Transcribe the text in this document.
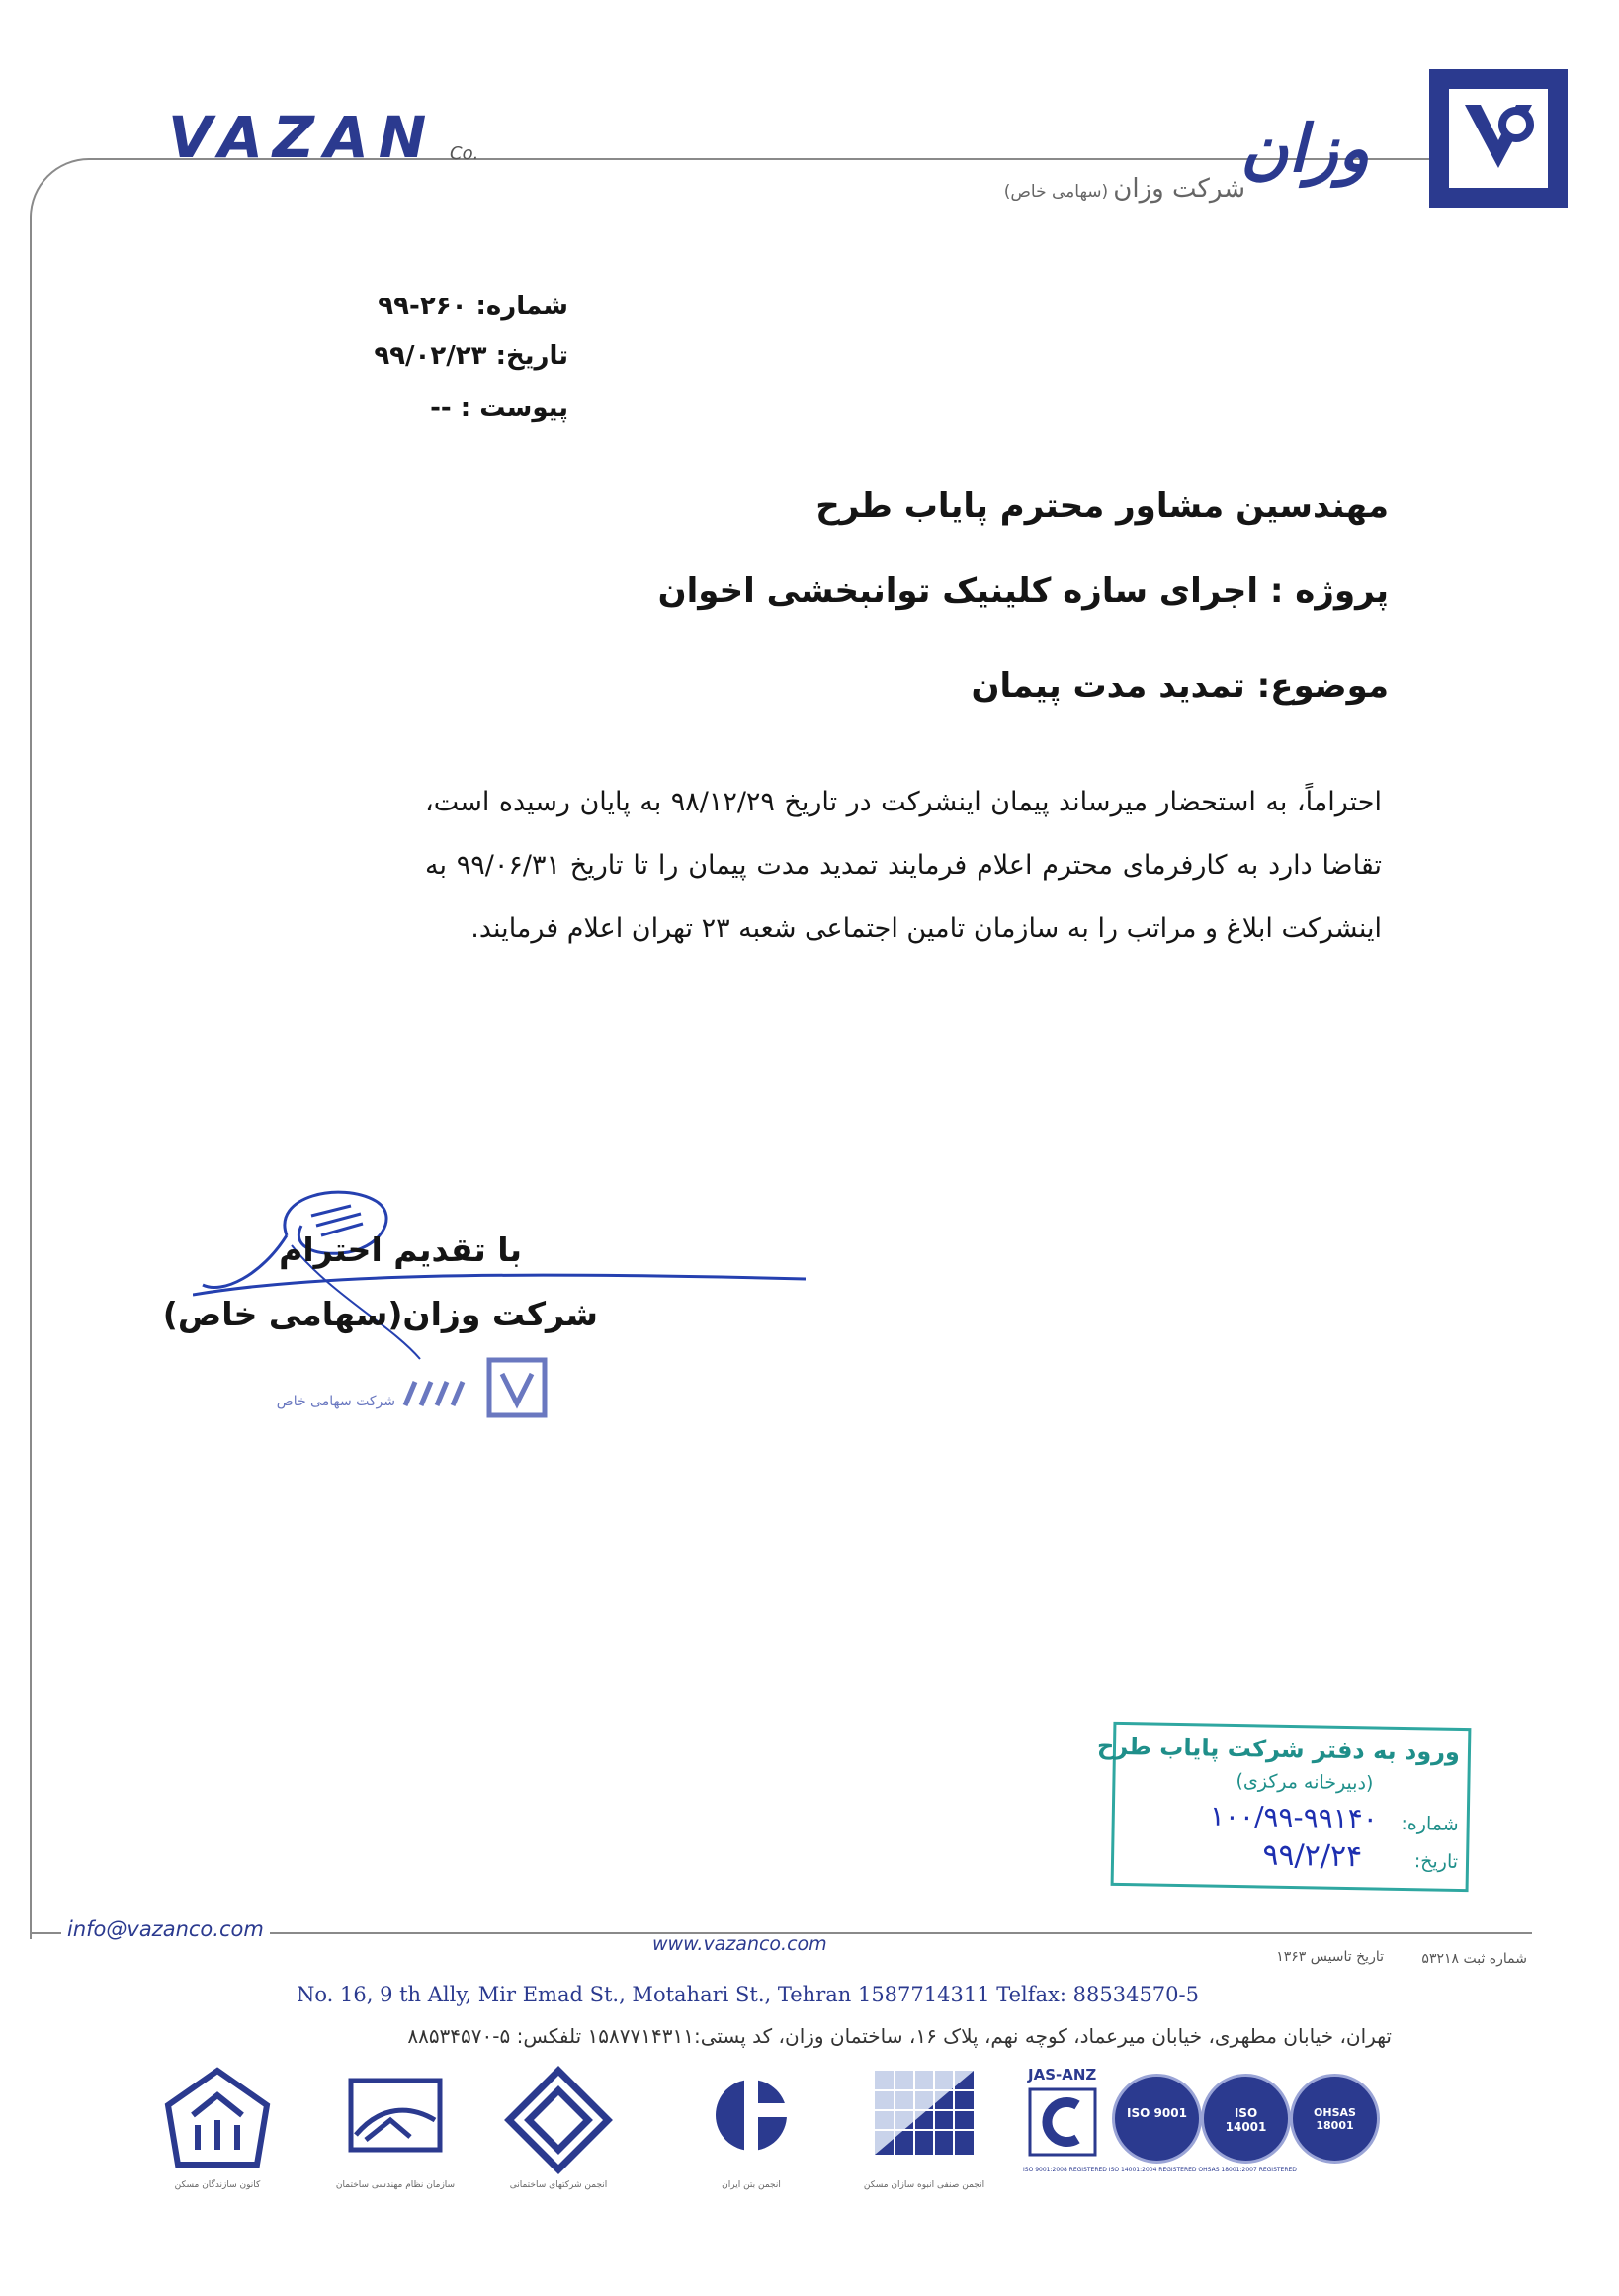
VAZAN Co.	وزان
شرکت وزان (سهامی خاص)
شماره: ۲۶۰-۹۹
تاریخ: ۹۹/۰۲/۲۳
پیوست : --
مهندسین مشاور محترم پایاب طرح
پروژه : اجرای سازه کلینیک توانبخشی اخوان
موضوع: تمدید مدت پیمان
احتراماً، به استحضار میرساند پیمان اینشرکت در تاریخ ۹۸/۱۲/۲۹ به پایان رسیده است، تقاضا دارد به کارفرمای محترم اعلام فرمایند تمدید مدت پیمان را تا تاریخ ۹۹/۰۶/۳۱ به اینشرکت ابلاغ و مراتب را به سازمان تامین اجتماعی شعبه ۲۳ تهران اعلام فرمایند.
با تقدیم احترام
شرکت وزان(سهامی خاص)
شرکت سهامی خاص
ورود به دفتر شرکت پایاب طرح
(دبیرخانه مرکزی)
شماره:
۱۰۰/۹۹-۹۹۱۴۰
تاریخ:
۹۹/۲/۲۴
info@vazanco.com
www.vazanco.com
تاریخ تاسیس ۱۳۶۳	شماره ثبت ۵۳۲۱۸
No. 16, 9 th Ally, Mir Emad St., Motahari St., Tehran 1587714311 Telfax: 88534570-5
تهران، خیابان مطهری، خیابان میرعماد، کوچه نهم، پلاک ۱۶، ساختمان وزان، کد پستی:۱۵۸۷۷۱۴۳۱۱ تلفکس: ۵-۸۸۵۳۴۵۷۰
JAS-ANZ
ISO 9001	ISO 14001
OHSAS 18001
ISO 9001:2008 REGISTERED ISO 14001:2004 REGISTERED OHSAS 18001:2007 REGISTERED
انجمن صنفی انبوه سازان مسکن
انجمن بتن ایران
انجمن شرکتهای ساختمانی
سازمان نظام مهندسی ساختمان
کانون سازندگان مسکن
